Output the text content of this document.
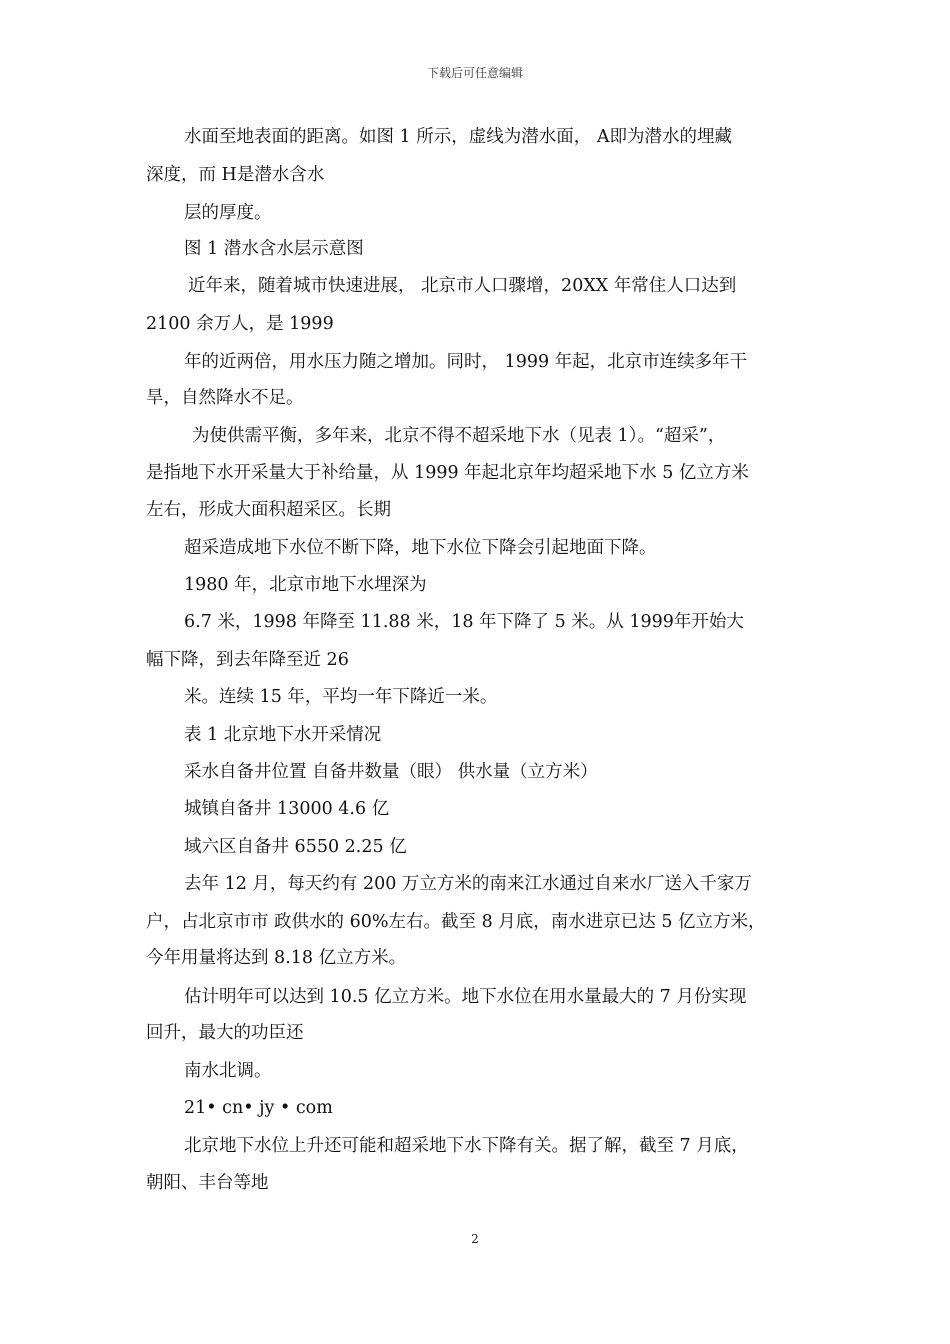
下载后可任意编辑
水面至地表面的距离。如图 1 所示，虚线为潜水面， A即为潜水的埋藏
深度，而 H是潜水含水
层的厚度。
图 1 潜水含水层示意图
近年来，随着城市快速进展， 北京市人口骤增，20XX 年常住人口达到
2100 余万人，是 1999
年的近两倍，用水压力随之增加。同时， 1999 年起，北京市连续多年干
旱，自然降水不足。
为使供需平衡，多年来，北京不得不超采地下水（见表 1）。“超采”，
是指地下水开采量大于补给量，从 1999 年起北京年均超采地下水 5 亿立方米
左右，形成大面积超采区。长期
超采造成地下水位不断下降，地下水位下降会引起地面下降。
1980 年，北京市地下水埋深为
6.7 米，1998 年降至 11.88 米，18 年下降了 5 米。从 1999年开始大
幅下降，到去年降至近 26
米。连续 15 年，平均一年下降近一米。
表 1 北京地下水开采情况
采水自备井位置 自备井数量（眼） 供水量（立方米）
城镇自备井 13000 4.6 亿
域六区自备井 6550 2.25 亿
去年 12 月，每天约有 200 万立方米的南来江水通过自来水厂送入千家万
户，占北京市市 政供水的 60%左右。截至 8 月底，南水进京已达 5 亿立方米，
今年用量将达到 8.18 亿立方米。
估计明年可以达到 10.5 亿立方米。地下水位在用水量最大的 7 月份实现
回升，最大的功臣还
南水北调。
21• cn• jy • com
北京地下水位上升还可能和超采地下水下降有关。据了解，截至 7 月底，
朝阳、丰台等地
2
